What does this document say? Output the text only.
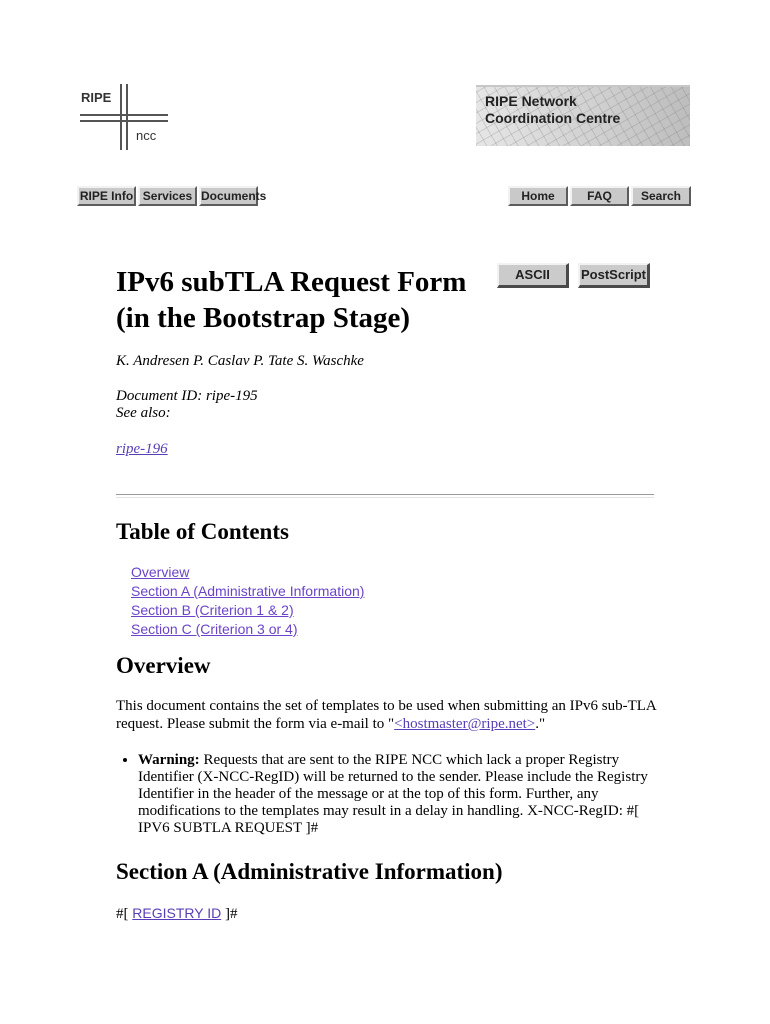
RIPE
ncc
RIPE Network
Coordination Centre
RIPE Info Services Documents	Home	FAQ	Search
IPv6 subTLA Request Form
(in the Bootstrap Stage)
ASCII	PostScript
K. Andresen P. Caslav P. Tate S. Waschke
Document ID: ripe-195
See also:
ripe-196
Table of Contents
Overview
Section A (Administrative Information)
Section B (Criterion 1 & 2)
Section C (Criterion 3 or 4)
Overview
This document contains the set of templates to be used when submitting an IPv6 sub-TLA request. Please submit the form via e-mail to "<hostmaster@ripe.net>."
• Warning: Requests that are sent to the RIPE NCC which lack a proper Registry Identifier (X-NCC-RegID) will be returned to the sender. Please include the Registry Identifier in the header of the message or at the top of this form. Further, any modifications to the templates may result in a delay in handling. X-NCC-RegID: #[ IPV6 SUBTLA REQUEST ]#
Section A (Administrative Information)
#[ REGISTRY ID ]#
